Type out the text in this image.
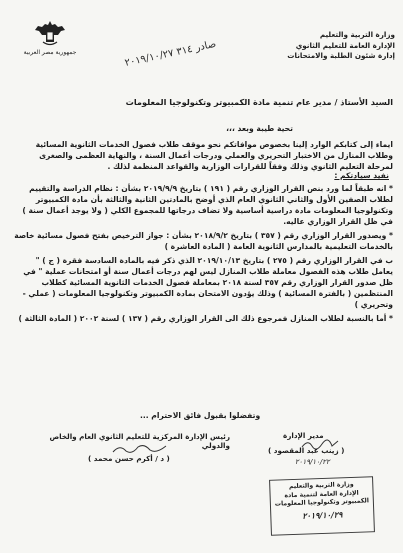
وزارة التربية والتعليم
الإدارة العامة للتعليم الثانوي
إدارة شئون الطلبة والامتحانات
جمهورية مصر العربية	صادر ٣١٤ ٢٠١٩/١٠/٢٧
السيد الأستاذ / مدير عام تنمية مادة الكمبيوتر وتكنولوجيا المعلومات
تحية طيبة وبعد ،،،
ايماء إلى كتابكم الوارد إلينا بخصوص موافاتكم نحو موقف طلاب فصول الخدمات الثانوية المسائية وطلاب المنازل من الاختبار التحريري والعملي ودرجات أعمال السنة ، والنهاية العظمى والصغرى لمرحلة التعليم الثانوي وذلك وفقاً للقرارات الوزارية والقواعد المنظمة لذلك .
نفيد سيادتكم :

* انه طبقاً لما ورد بنص القرار الوزاري رقم ( ١٩١ ) بتاريخ ٢٠١٩/٩/٩ بشأن : نظام الدراسة والتقييم لطلاب الصفين الأول والثاني الثانوي العام الذي أوضح بالمادتين الثانية والثالثة بأن مادة الكمبيوتر وتكنولوجيا المعلومات مادة دراسية أساسية ولا تضاف درجاتها للمجموع الكلي ( ولا يوجد أعمال سنة ) في ظل القرار الوزاري عاليه.

* ويصدور القرار الوزاري رقم ( ٣٥٧ ) بتاريخ ٢٠١٨/٩/٢ بشأن : جواز الترخيص بفتح فصول مسائية خاصة بالخدمات التعليمية بالمدارس الثانوية العامة ( المادة العاشرة )

ب في القرار الوزاري رقم ( ٢٧٥ ) بتاريخ ٢٠١٩/١٠/١٣ الذي ذكر فيه بالمادة السادسة فقرة ( ج ) " يعامل طلاب هذه الفصول معاملة طلاب المنازل ليس لهم درجات أعمال سنة أو امتحانات عملية " في ظل صدور القرار الوزاري رقم ٣٥٧ لسنة ٢٠١٨ بمعاملة فصول الخدمات الثانوية المسائية كطلاب المنتظمين ( بالفترة المسائية ) وذلك يؤدون الامتحان بمادة الكمبيوتر وتكنولوجيا المعلومات ( عملي - وتحريري )

* أما بالنسبة لطلاب المنازل فمرجوع ذلك الى القرار الوزاري رقم ( ١٣٧ ) لسنة ٢٠٠٢ ( المادة الثالثة )

وتفضلوا بقبول فائق الاحترام ...
مدير الإدارة
( زينب عبد المقصود )
٢٠١٩/١٠/٢٢
رئيس الإدارة المركزية للتعليم الثانوي العام والخاص والدولي
( د / أكرم حسن محمد )
وزارة التربية والتعليم
الإدارة العامة لتنمية مادة
الكمبيوتر وتكنولوجيا المعلومات
٢٠١٩/١٠/٢٩
